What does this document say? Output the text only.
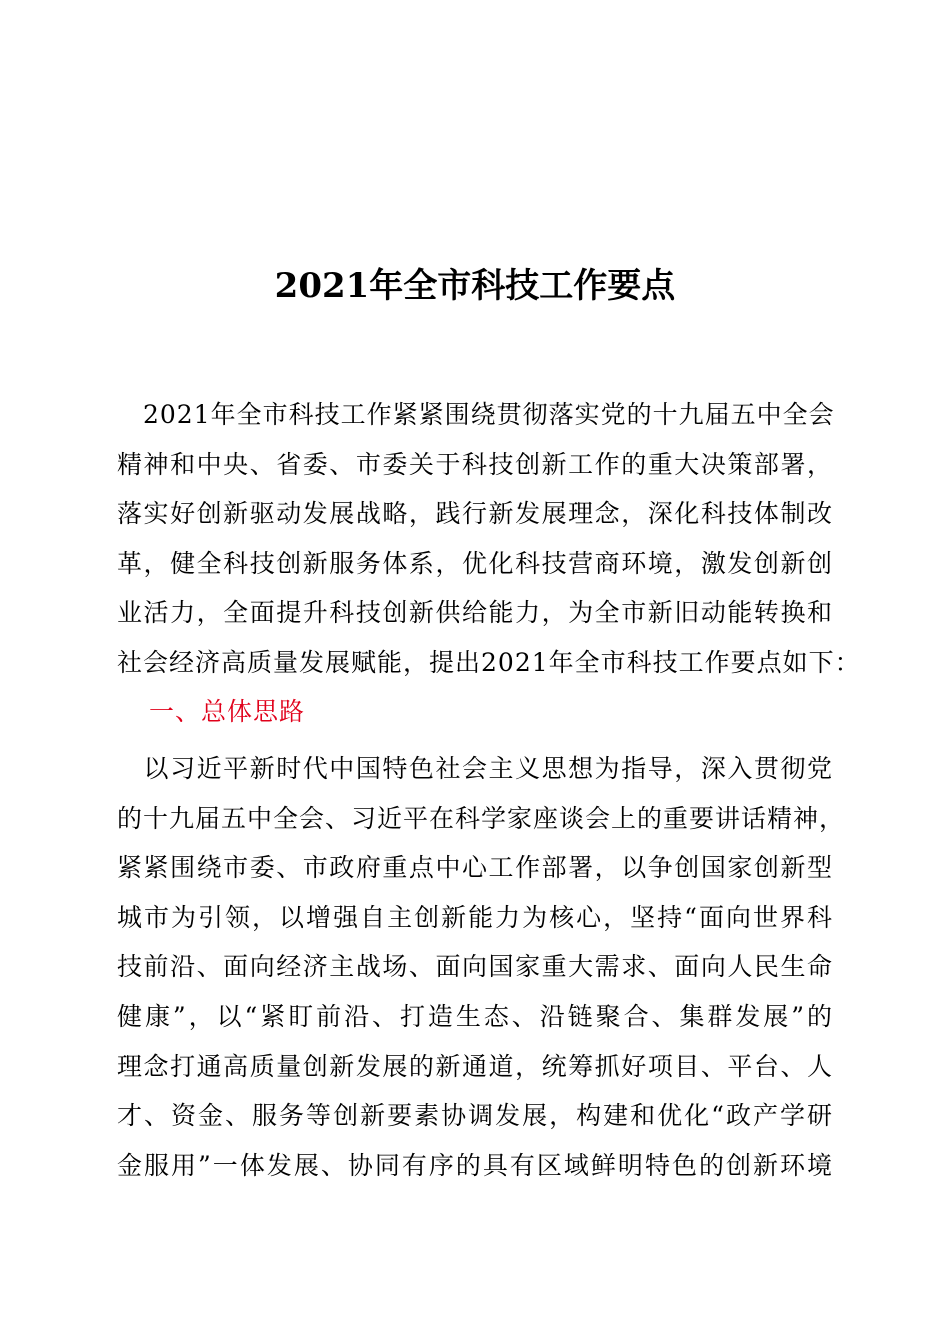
2021年全市科技工作要点
　2021年全市科技工作紧紧围绕贯彻落实党的十九届五中全会
精神和中央、省委、市委关于科技创新工作的重大决策部署，
落实好创新驱动发展战略，践行新发展理念，深化科技体制改
革，健全科技创新服务体系，优化科技营商环境，激发创新创
业活力，全面提升科技创新供给能力，为全市新旧动能转换和
社会经济高质量发展赋能，提出2021年全市科技工作要点如下：
一、总体思路
　以习近平新时代中国特色社会主义思想为指导，深入贯彻党
的十九届五中全会、习近平在科学家座谈会上的重要讲话精神，
紧紧围绕市委、市政府重点中心工作部署，以争创国家创新型
城市为引领，以增强自主创新能力为核心，坚持“面向世界科
技前沿、面向经济主战场、面向国家重大需求、面向人民生命
健康”，以“紧盯前沿、打造生态、沿链聚合、集群发展”的
理念打通高质量创新发展的新通道，统筹抓好项目、平台、人
才、资金、服务等创新要素协调发展，构建和优化“政产学研
金服用”一体发展、协同有序的具有区域鲜明特色的创新环境
